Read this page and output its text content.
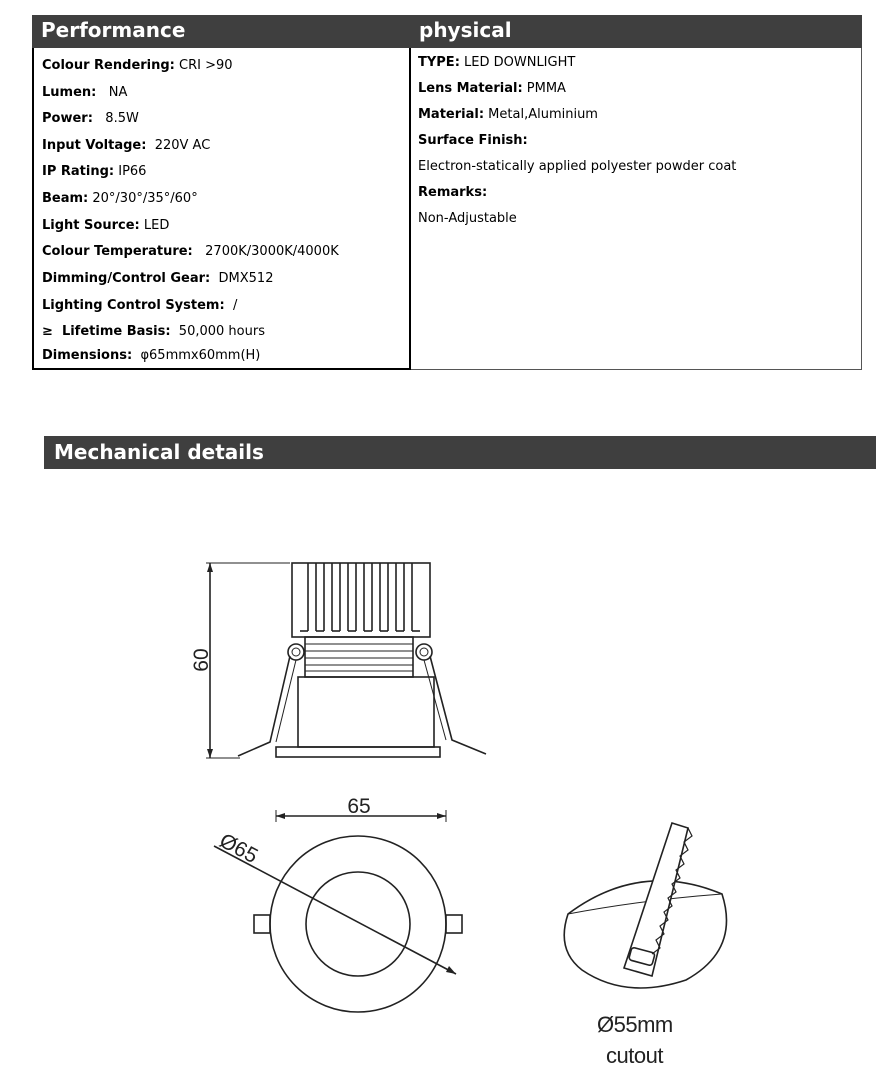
Performance	physical
Colour Rendering: CRI >90
Lumen:   NA
Power:   8.5W
Input Voltage:  220V AC
IP Rating: IP66
Beam: 20°/30°/35°/60°
Light Source: LED
Colour Temperature:   2700K/3000K/4000K
Dimming/Control Gear:  DMX512
Lighting Control System:  /
≥  Lifetime Basis:  50,000 hours
Dimensions:  φ65mmx60mm(H)
TYPE: LED DOWNLIGHT
Lens Material: PMMA
Material: Metal,Aluminium
Surface Finish:
Electron-statically applied polyester powder coat
Remarks:
Non-Adjustable
Mechanical details
60
65
Ø65
Ø55mm
cutout
